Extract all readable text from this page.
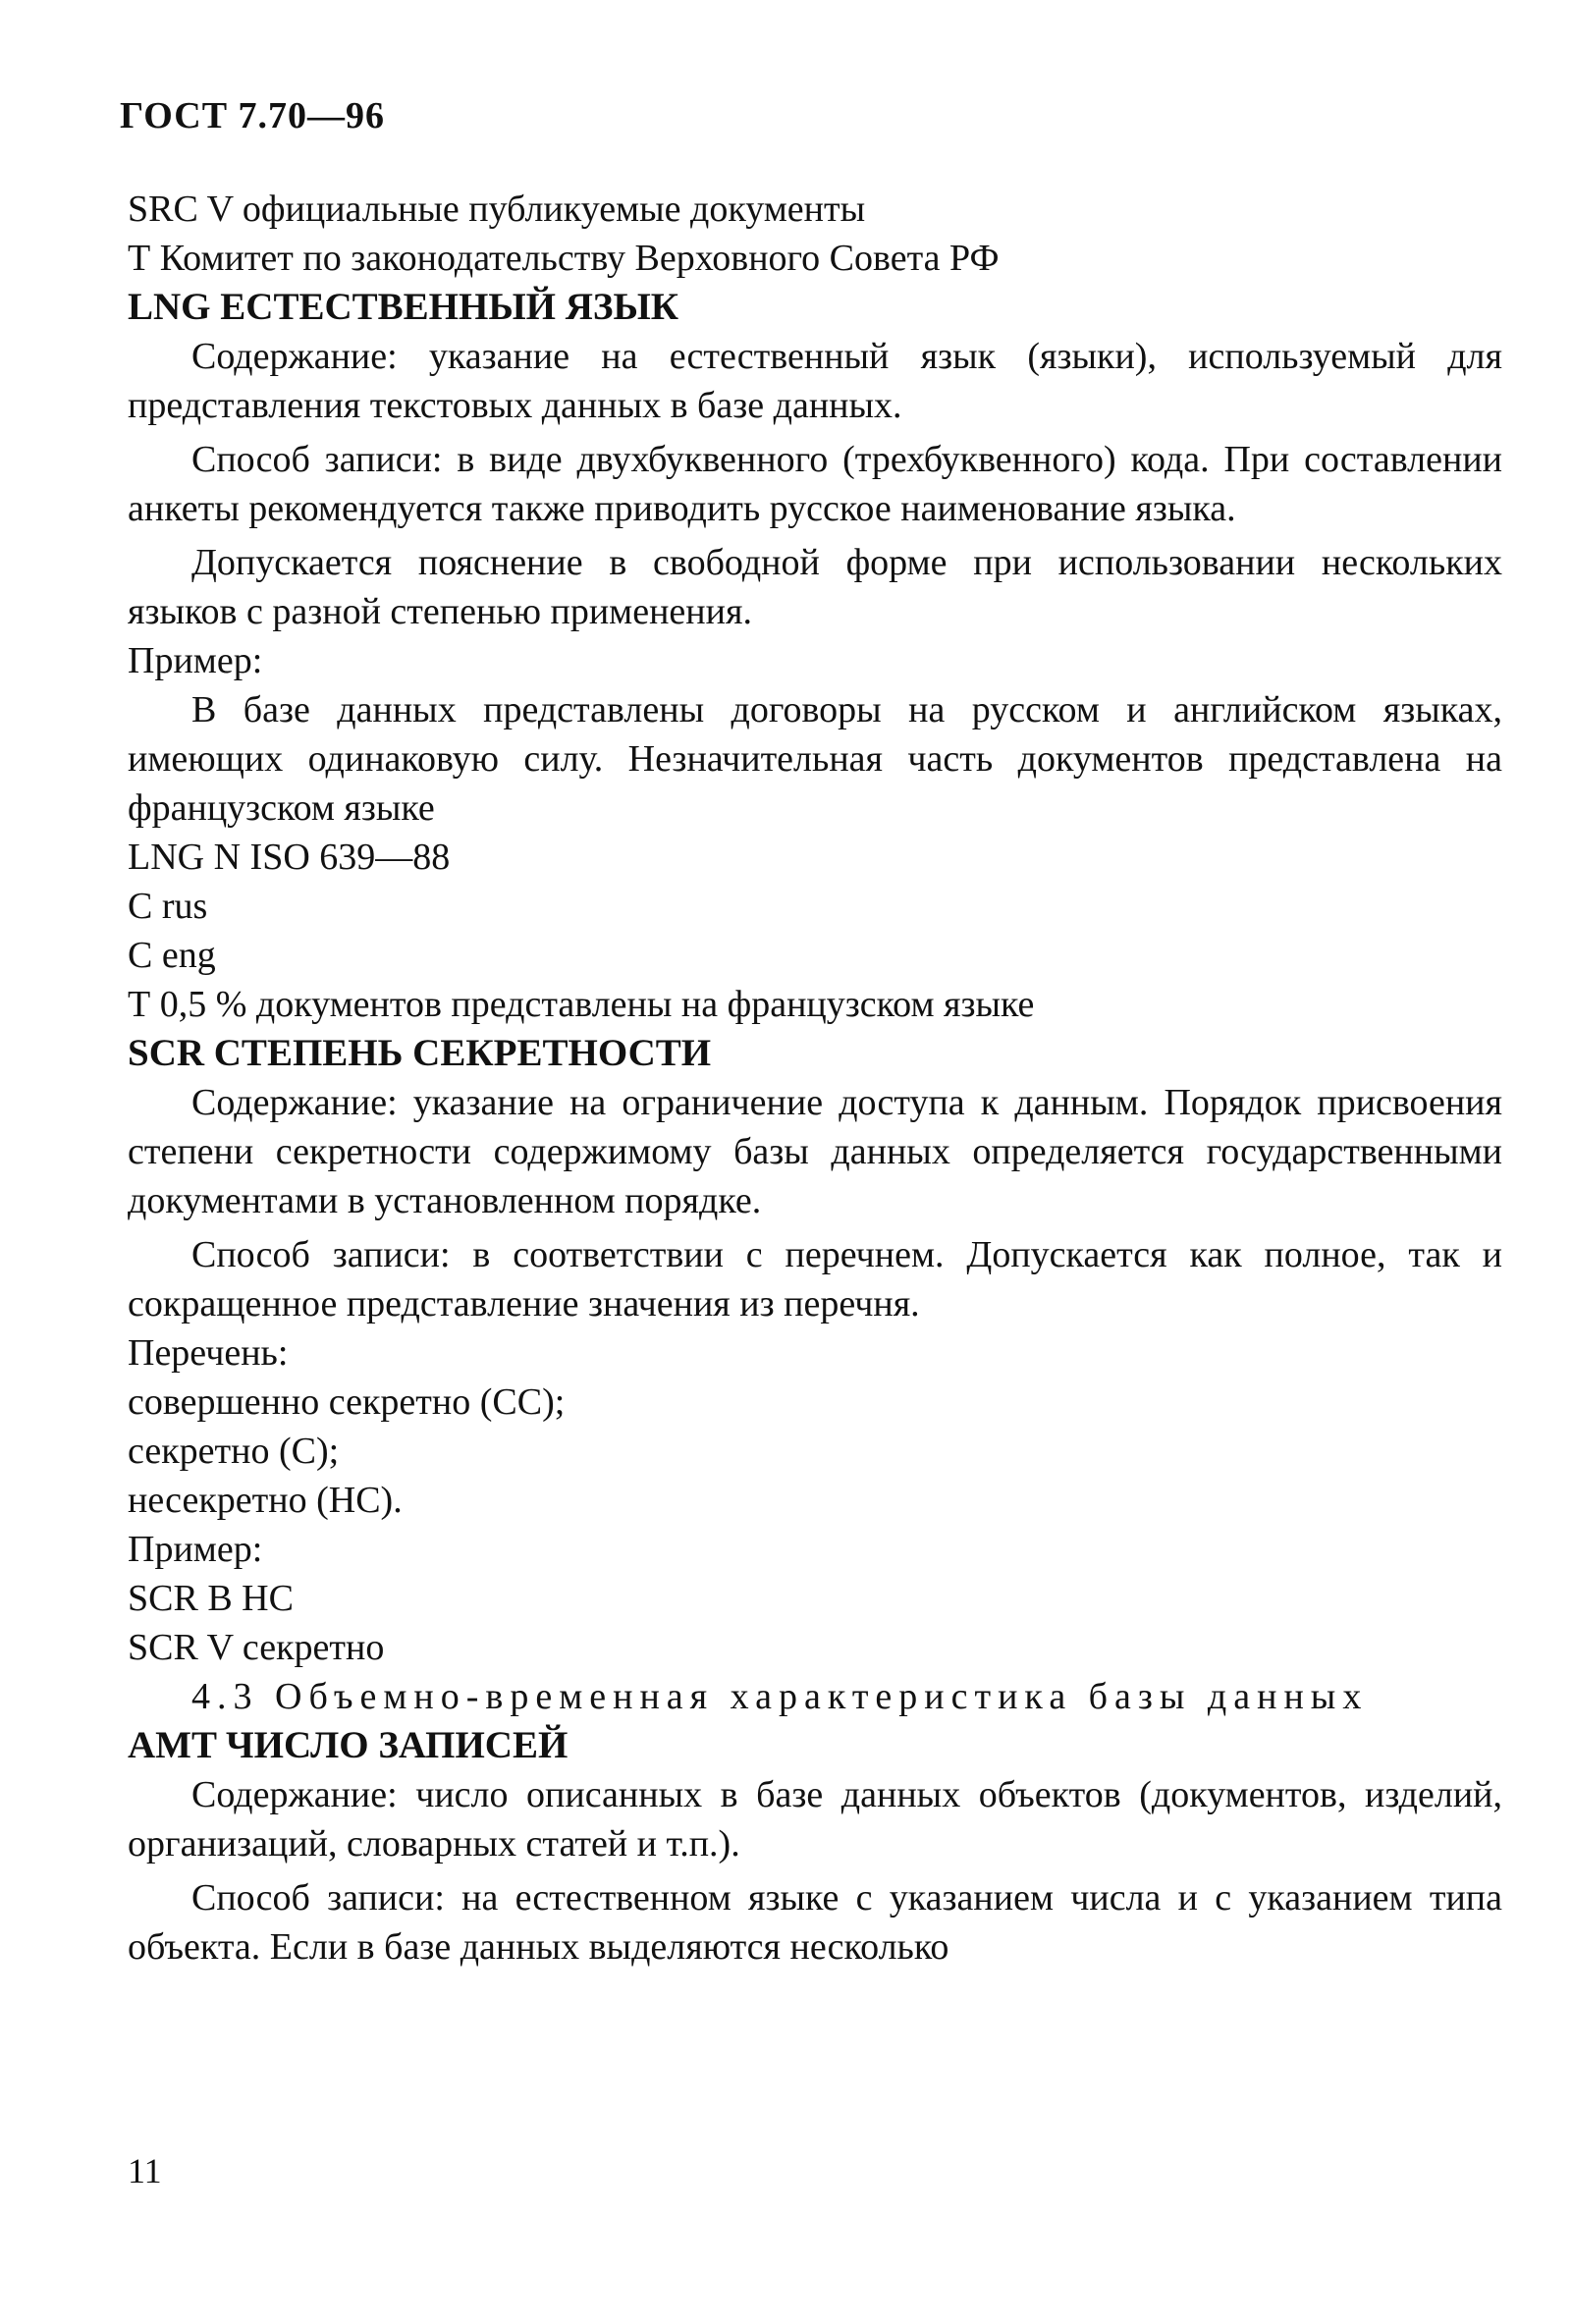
ГОСТ 7.70—96

SRC V официальные публикуемые документы

Т Комитет по законодательству Верховного Совета РФ

LNG ЕСТЕСТВЕННЫЙ ЯЗЫК

Содержание: указание на естественный язык (языки), используемый для представления текстовых данных в базе данных.

Способ записи: в виде двухбуквенного (трехбуквенного) кода. При составлении анкеты рекомендуется также приводить русское наименование языка.

Допускается пояснение в свободной форме при использовании нескольких языков с разной степенью применения.

Пример:

В базе данных представлены договоры на русском и английском языках, имеющих одинаковую силу. Незначительная часть документов представлена на французском языке

LNG N ISO 639—88

C rus

C eng

Т 0,5 % документов представлены на французском языке

SCR СТЕПЕНЬ СЕКРЕТНОСТИ

Содержание: указание на ограничение доступа к данным. Порядок присвоения степени секретности содержимому базы данных определяется государственными документами в установленном порядке.

Способ записи: в соответствии с перечнем. Допускается как полное, так и сокращенное представление значения из перечня.

Перечень:

совершенно секретно (СС);

секретно (С);

несекретно (НС).

Пример:

SCR В НС

SCR V секретно

4.3 Объемно-временная характеристика базы данных

AMT ЧИСЛО ЗАПИСЕЙ

Содержание: число описанных в базе данных объектов (документов, изделий, организаций, словарных статей и т.п.).

Способ записи: на естественном языке с указанием числа и с указанием типа объекта. Если в базе данных выделяются несколько

11
